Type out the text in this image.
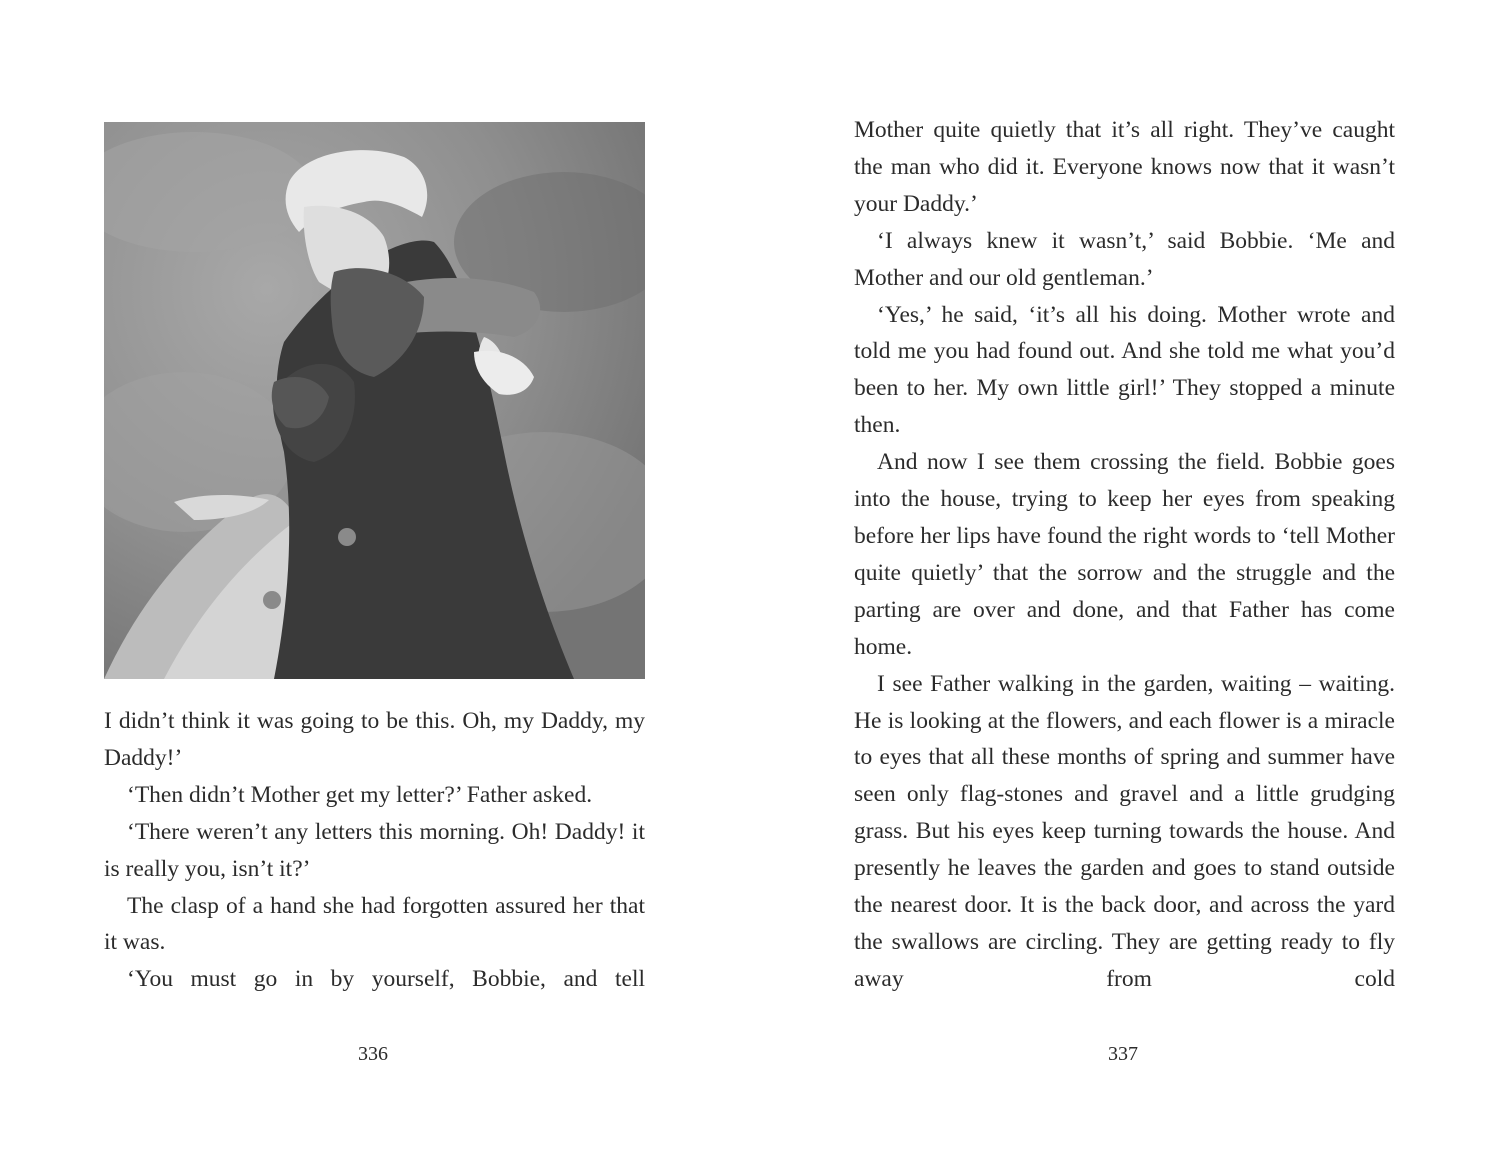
I didn’t think it was going to be this. Oh, my Daddy, my Daddy!’

‘Then didn’t Mother get my letter?’ Father asked.

‘There weren’t any letters this morning. Oh! Daddy! it is really you, isn’t it?’

The clasp of a hand she had forgotten assured her that it was.

‘You must go in by yourself, Bobbie, and tell

336

Mother quite quietly that it’s all right. They’ve caught the man who did it. Everyone knows now that it wasn’t your Daddy.’

‘I always knew it wasn’t,’ said Bobbie. ‘Me and Mother and our old gentleman.’

‘Yes,’ he said, ‘it’s all his doing. Mother wrote and told me you had found out. And she told me what you’d been to her. My own little girl!’ They stopped a minute then.

And now I see them crossing the field. Bobbie goes into the house, trying to keep her eyes from speaking before her lips have found the right words to ‘tell Mother quite quietly’ that the sorrow and the struggle and the parting are over and done, and that Father has come home.

I see Father walking in the garden, waiting – waiting. He is looking at the flowers, and each flower is a miracle to eyes that all these months of spring and summer have seen only flag-stones and gravel and a little grudging grass. But his eyes keep turning towards the house. And presently he leaves the garden and goes to stand outside the nearest door. It is the back door, and across the yard the swallows are circling. They are getting ready to fly away from cold

337
